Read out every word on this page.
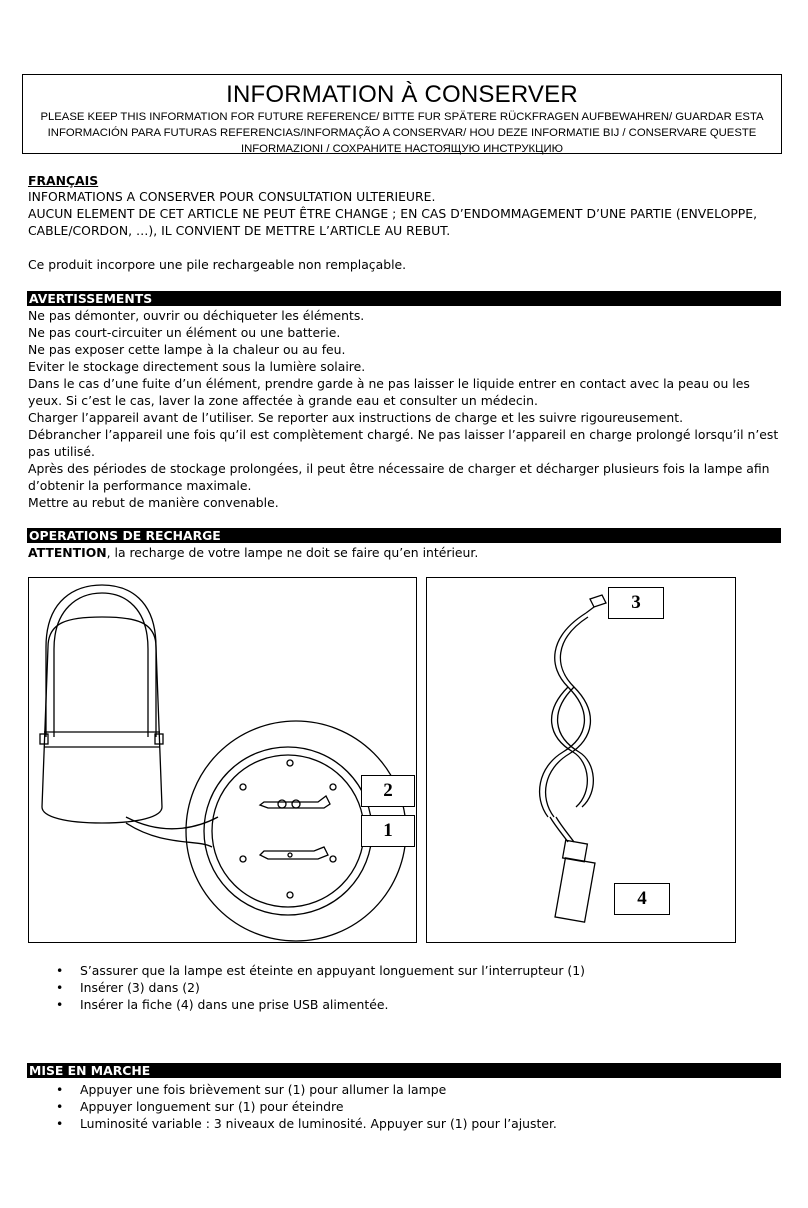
INFORMATION À CONSERVER
PLEASE KEEP THIS INFORMATION FOR FUTURE REFERENCE/ BITTE FUR SPÄTERE RÜCKFRAGEN AUFBEWAHREN/ GUARDAR ESTA
INFORMACIÓN PARA FUTURAS REFERENCIAS/INFORMAÇÃO A CONSERVAR/ HOU DEZE INFORMATIE BIJ / CONSERVARE QUESTE
INFORMAZIONI / СОХРАНИТЕ НАСТОЯЩУЮ ИНСТРУКЦИЮ
FRANÇAIS
INFORMATIONS A CONSERVER POUR CONSULTATION ULTERIEURE.
AUCUN ELEMENT DE CET ARTICLE NE PEUT ÊTRE CHANGE ; EN CAS D’ENDOMMAGEMENT D’UNE PARTIE (ENVELOPPE,
CABLE/CORDON, …), IL CONVIENT DE METTRE L’ARTICLE AU REBUT.
Ce produit incorpore une pile rechargeable non remplaçable.
AVERTISSEMENTS
Ne pas démonter, ouvrir ou déchiqueter les éléments.
Ne pas court-circuiter un élément ou une batterie.
Ne pas exposer cette lampe à la chaleur ou au feu.
Eviter le stockage directement sous la lumière solaire.
Dans le cas d’une fuite d’un élément, prendre garde à ne pas laisser le liquide entrer en contact avec la peau ou les
yeux. Si c’est le cas, laver la zone affectée à grande eau et consulter un médecin.
Charger l’appareil avant de l’utiliser. Se reporter aux instructions de charge et les suivre rigoureusement.
Débrancher l’appareil une fois qu’il est complètement chargé. Ne pas laisser l’appareil en charge prolongé lorsqu’il n’est
pas utilisé.
Après des périodes de stockage prolongées, il peut être nécessaire de charger et décharger plusieurs fois la lampe afin
d’obtenir la performance maximale.
Mettre au rebut de manière convenable.
OPERATIONS DE RECHARGE
ATTENTION, la recharge de votre lampe ne doit se faire qu’en intérieur.
2
1
3
4
• S’assurer que la lampe est éteinte en appuyant longuement sur l’interrupteur (1)
• Insérer (3) dans (2)
• Insérer la fiche (4) dans une prise USB alimentée.
MISE EN MARCHE
• Appuyer une fois brièvement sur (1) pour allumer la lampe
• Appuyer longuement sur (1) pour éteindre
• Luminosité variable : 3 niveaux de luminosité. Appuyer sur (1) pour l’ajuster.
